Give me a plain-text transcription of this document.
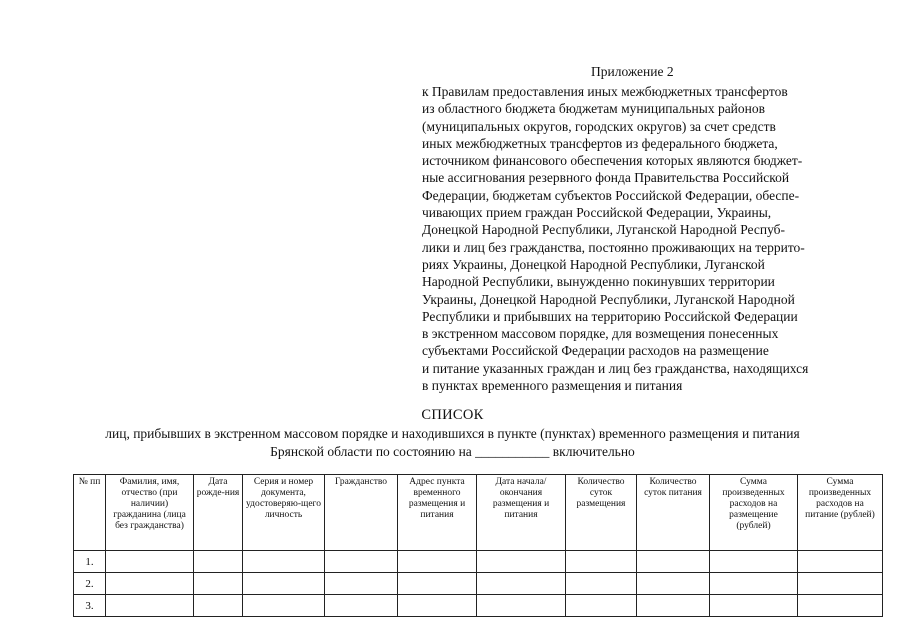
Приложение 2
к Правилам предоставления иных межбюджетных трансфертов
из областного бюджета бюджетам муниципальных районов
(муниципальных округов, городских округов) за счет средств
иных межбюджетных трансфертов из федерального бюджета,
источником финансового обеспечения которых являются бюджет-
ные ассигнования резервного фонда Правительства Российской
Федерации, бюджетам субъектов Российской Федерации, обеспе-
чивающих прием граждан Российской Федерации, Украины,
Донецкой Народной Республики, Луганской Народной Респуб-
лики и лиц без гражданства, постоянно проживающих на террито-
риях Украины, Донецкой Народной Республики, Луганской
Народной Республики, вынужденно покинувших территории
Украины, Донецкой Народной Республики, Луганской Народной
Республики и прибывших на территорию Российской Федерации
в экстренном массовом порядке, для возмещения понесенных
субъектами Российской Федерации расходов на размещение
и питание указанных граждан и лиц без гражданства, находящихся
в пунктах временного размещения и питания
СПИСОК
лиц, прибывших в экстренном массовом порядке и находившихся в пункте (пунктах) временного размещения и питания
Брянской области по состоянию на ___________ включительно
№ пп	Фамилия, имя, отчество (при наличии) гражданина (лица без гражданства)	Дата рожде-ния	Серия и номер документа, удостоверяю-щего личность	Гражданство	Адрес пункта временного размещения и питания	Дата начала/ окончания размещения и питания	Количество суток размещения	Количество суток питания	Сумма произведенных расходов на размещение (рублей)	Сумма произведенных расходов на питание (рублей)
1.										
2.										
3.										
